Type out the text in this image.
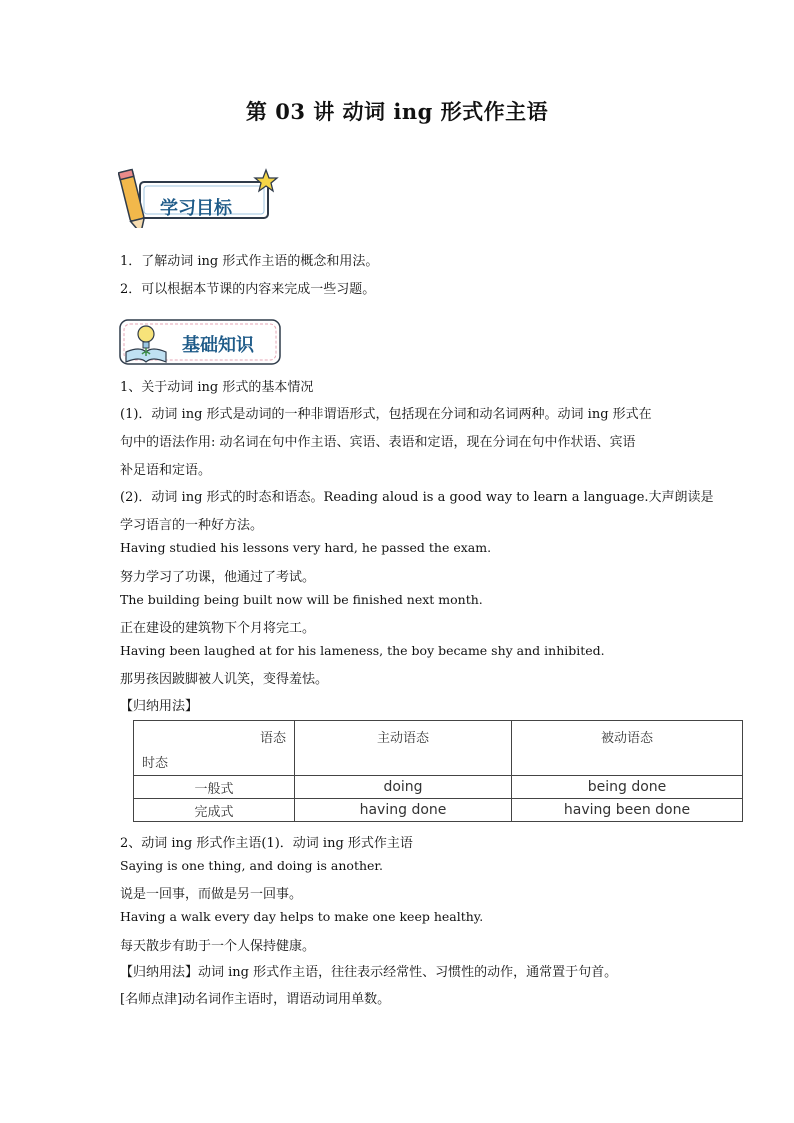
第 03 讲 动词 ing 形式作主语
学习目标
1．了解动词 ing 形式作主语的概念和用法。
2．可以根据本节课的内容来完成一些习题。
基础知识
1、关于动词 ing 形式的基本情况
(1)．动词 ing 形式是动词的一种非谓语形式，包括现在分词和动名词两种。动词 ing 形式在
句中的语法作用: 动名词在句中作主语、宾语、表语和定语，现在分词在句中作状语、宾语
补足语和定语。
(2)．动词 ing 形式的时态和语态。Reading aloud is a good way to learn a language.大声朗读是
学习语言的一种好方法。
Having studied his lessons very hard, he passed the exam.
努力学习了功课，他通过了考试。
The building being built now will be finished next month.
正在建设的建筑物下个月将完工。
Having been laughed at for his lameness, the boy became shy and inhibited.
那男孩因跛脚被人讥笑，变得羞怯。
【归纳用法】
语态
时态	主动语态	被动语态
一般式	doing	being done
完成式	having done	having been done
2、动词 ing 形式作主语(1)．动词 ing 形式作主语
Saying is one thing, and doing is another.
说是一回事，而做是另一回事。
Having a walk every day helps to make one keep healthy.
每天散步有助于一个人保持健康。
【归纳用法】动词 ing 形式作主语，往往表示经常性、习惯性的动作，通常置于句首。
[名师点津]动名词作主语时，谓语动词用单数。
